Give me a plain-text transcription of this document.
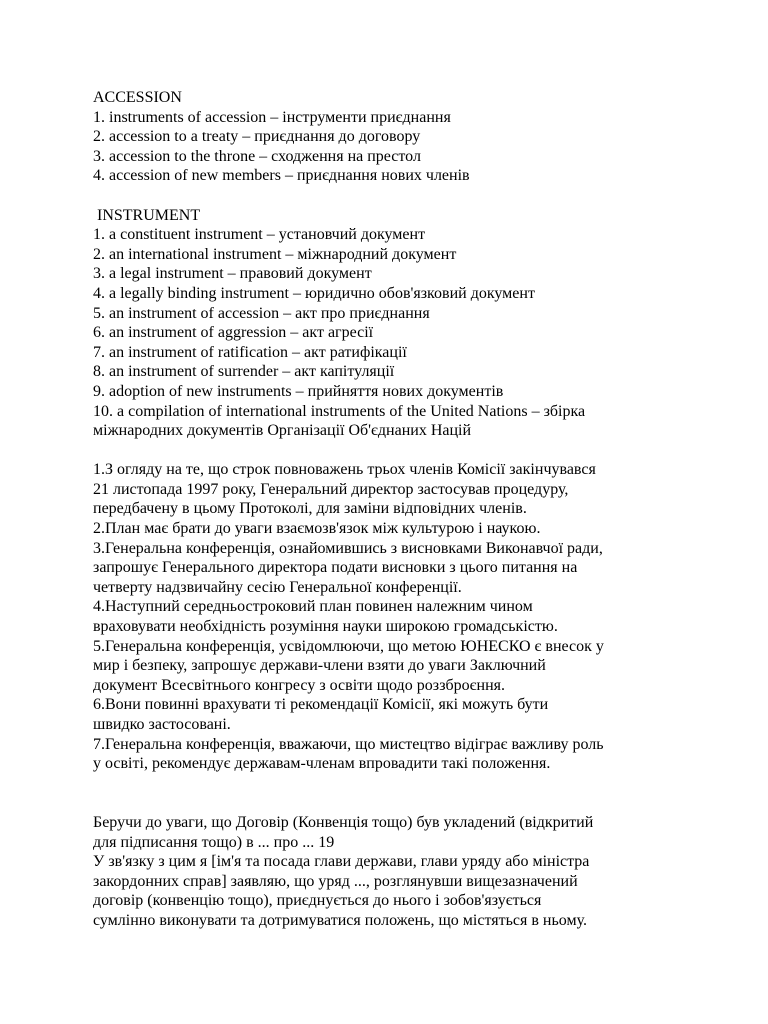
ACCESSION
1. instruments of accession – інструменти приєднання
2. accession to a treaty – приєднання до договору
3. accession to the throne – сходження на престол
4. accession of new members – приєднання нових членів
INSTRUMENT
1. a constituent instrument – установчий документ
2. an international instrument – міжнародний документ
3. a legal instrument – правовий документ
4. a legally binding instrument – юридично обов'язковий документ
5. an instrument of accession – акт про приєднання
6. an instrument of aggression – акт агресії
7. an instrument of ratification – акт ратифікації
8. an instrument of surrender – акт капітуляції
9. adoption of new instruments – прийняття нових документів
10. a compilation of international instruments of the United Nations – збірка
міжнародних документів Організації Об'єднаних Націй
1.З огляду на те, що строк повноважень трьох членів Комісії закінчувався
21 листопада 1997 року, Генеральний директор застосував процедуру,
передбачену в цьому Протоколі, для заміни відповідних членів.
2.План має брати до уваги взаємозв'язок між культурою і наукою.
3.Генеральна конференція, ознайомившись з висновками Виконавчої ради,
запрошує Генерального директора подати висновки з цього питання на
четверту надзвичайну сесію Генеральної конференції.
4.Наступний середньостроковий план повинен належним чином
враховувати необхідність розуміння науки широкою громадськістю.
5.Генеральна конференція, усвідомлюючи, що метою ЮНЕСКО є внесок у
мир і безпеку, запрошує держави-члени взяти до уваги Заключний
документ Всесвітнього конгресу з освіти щодо роззброєння.
6.Вони повинні врахувати ті рекомендації Комісії, які можуть бути
швидко застосовані.
7.Генеральна конференція, вважаючи, що мистецтво відіграє важливу роль
у освіті, рекомендує державам-членам впровадити такі положення.
Беручи до уваги, що Договір (Конвенція тощо) був укладений (відкритий
для підписання тощо) в ... про ... 19
У зв'язку з цим я [ім'я та посада глави держави, глави уряду або міністра
закордонних справ] заявляю, що уряд ..., розглянувши вищезазначений
договір (конвенцію тощо), приєднується до нього і зобов'язується
сумлінно виконувати та дотримуватися положень, що містяться в ньому.
